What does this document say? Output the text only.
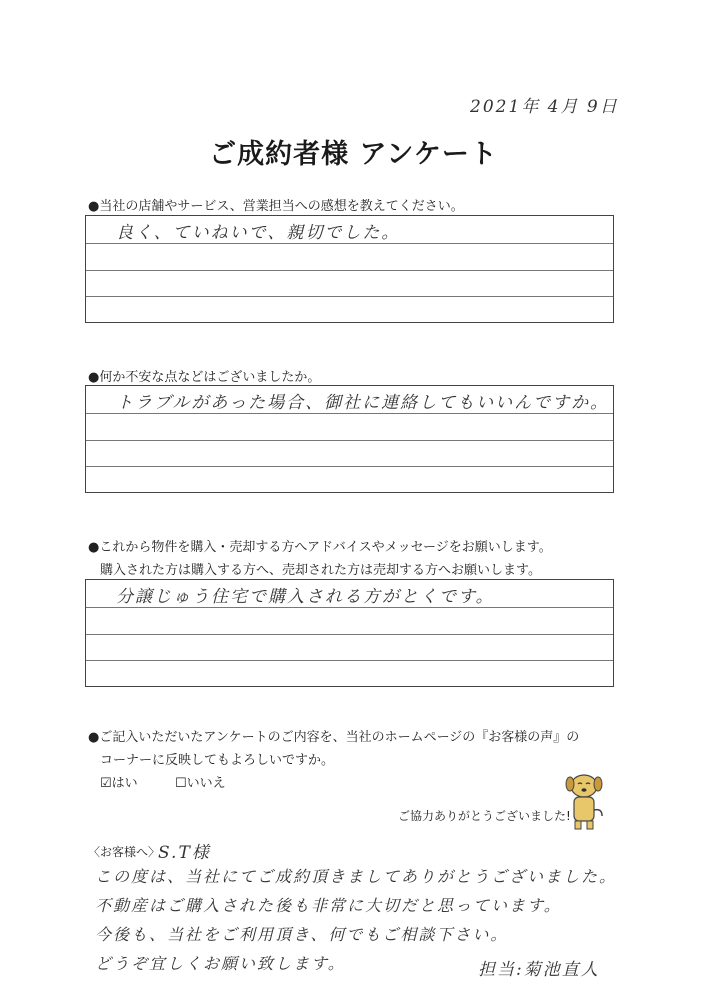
2021年 4月 9日
ご成約者様 アンケート
●当社の店舗やサービス、営業担当への感想を教えてください。
良く、ていねいで、親切でした。
●何か不安な点などはございましたか。
トラブルがあった場合、御社に連絡してもいいんですか。
●これから物件を購入・売却する方へアドバイスやメッセージをお願いします。
購入された方は購入する方へ、売却された方は売却する方へお願いします。
分譲じゅう住宅で購入される方がとくです。
●ご記入いただいたアンケートのご内容を、当社のホームページの『お客様の声』の
コーナーに反映してもよろしいですか。
☑はい	☐いいえ
ご協力ありがとうございました!
〈お客様へ〉
S.T様
この度は、当社にてご成約頂きましてありがとうございました。
不動産はご購入された後も非常に大切だと思っています。
今後も、当社をご利用頂き、何でもご相談下さい。
どうぞ宜しくお願い致します。	担当:菊池直人
